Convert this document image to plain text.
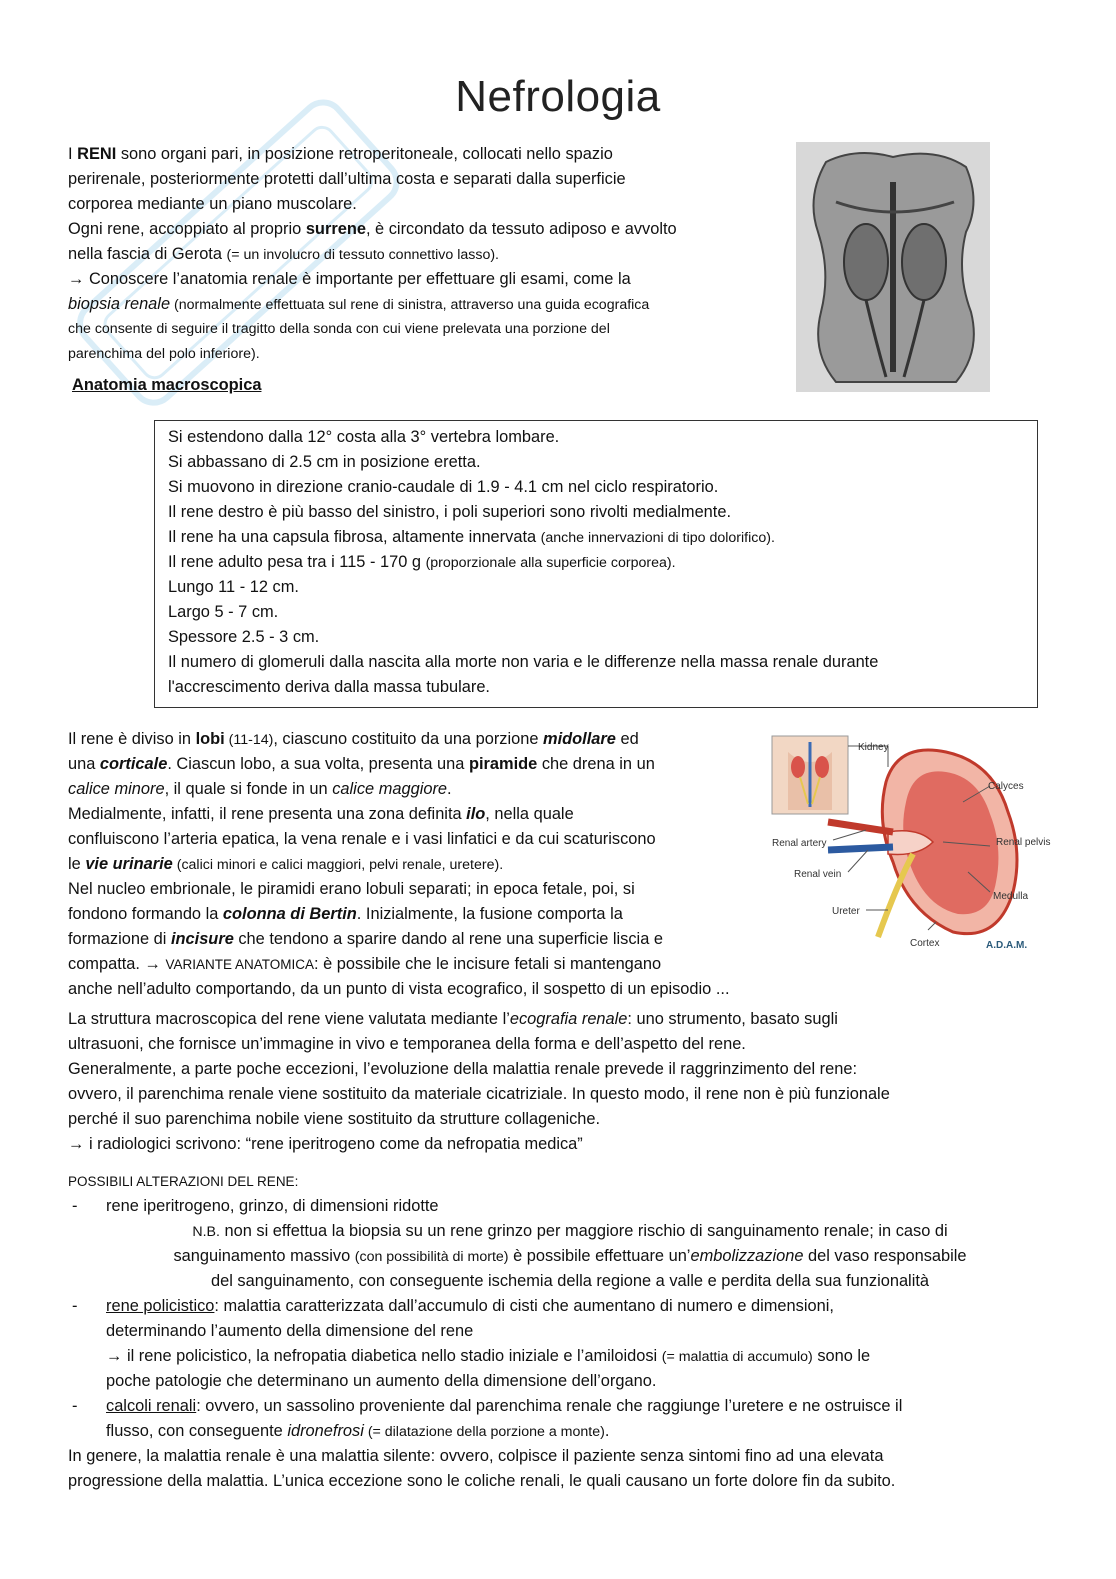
Nefrologia
I RENI sono organi pari, in posizione retroperitoneale, collocati nello spazio
perirenale, posteriormente protetti dall’ultima costa e separati dalla superficie
corporea mediante un piano muscolare.
Ogni rene, accoppiato al proprio surrene, è circondato da tessuto adiposo e avvolto
nella fascia di Gerota (= un involucro di tessuto connettivo lasso).
→ Conoscere l’anatomia renale è importante per effettuare gli esami, come la
biopsia renale (normalmente effettuata sul rene di sinistra, attraverso una guida ecografica
che consente di seguire il tragitto della sonda con cui viene prelevata una porzione del
parenchima del polo inferiore).
Anatomia macroscopica
Si estendono dalla 12° costa alla 3° vertebra lombare.
Si abbassano di 2.5 cm in posizione eretta.
Si muovono in direzione cranio-caudale di 1.9 - 4.1 cm nel ciclo respiratorio.
Il rene destro è più basso del sinistro, i poli superiori sono rivolti medialmente.
Il rene ha una capsula fibrosa, altamente innervata (anche innervazioni di tipo dolorifico).
Il rene adulto pesa tra i 115 - 170 g (proporzionale alla superficie corporea).
Lungo 11 - 12 cm.
Largo 5 - 7 cm.
Spessore 2.5 - 3 cm.
Il numero di glomeruli dalla nascita alla morte non varia e le differenze nella massa renale durante
l'accrescimento deriva dalla massa tubulare.
Il rene è diviso in lobi (11-14), ciascuno costituito da una porzione midollare ed
una corticale. Ciascun lobo, a sua volta, presenta una piramide che drena in un
calice minore, il quale si fonde in un calice maggiore.
Medialmente, infatti, il rene presenta una zona definita ilo, nella quale
confluiscono l’arteria epatica, la vena renale e i vasi linfatici e da cui scaturiscono
le vie urinarie (calici minori e calici maggiori, pelvi renale, uretere).
Nel nucleo embrionale, le piramidi erano lobuli separati; in epoca fetale, poi, si
fondono formando la colonna di Bertin. Inizialmente, la fusione comporta la
formazione di incisure che tendono a sparire dando al rene una superficie liscia e
compatta. → VARIANTE ANATOMICA: è possibile che le incisure fetali si mantengano
anche nell’adulto comportando, da un punto di vista ecografico, il sospetto di un episodio ...
Kidney
Calyces
Renal artery	Renal pelvis
Renal vein
Medulla
Ureter
Cortex	A.D.A.M.
La struttura macroscopica del rene viene valutata mediante l’ecografia renale: uno strumento, basato sugli
ultrasuoni, che fornisce un’immagine in vivo e temporanea della forma e dell’aspetto del rene.
Generalmente, a parte poche eccezioni, l’evoluzione della malattia renale prevede il raggrinzimento del rene:
ovvero, il parenchima renale viene sostituito da materiale cicatriziale. In questo modo, il rene non è più funzionale
perché il suo parenchima nobile viene sostituito da strutture collageniche.
→ i radiologici scrivono: “rene iperitrogeno come da nefropatia medica”
POSSIBILI ALTERAZIONI DEL RENE:
- rene iperitrogeno, grinzo, di dimensioni ridotte
N.B. non si effettua la biopsia su un rene grinzo per maggiore rischio di sanguinamento renale; in caso di
sanguinamento massivo (con possibilità di morte) è possibile effettuare un’embolizzazione del vaso responsabile
del sanguinamento, con conseguente ischemia della regione a valle e perdita della sua funzionalità
- rene policistico: malattia caratterizzata dall’accumulo di cisti che aumentano di numero e dimensioni,
determinando l’aumento della dimensione del rene
→ il rene policistico, la nefropatia diabetica nello stadio iniziale e l’amiloidosi (= malattia di accumulo) sono le
poche patologie che determinano un aumento della dimensione dell’organo.
- calcoli renali: ovvero, un sassolino proveniente dal parenchima renale che raggiunge l’uretere e ne ostruisce il
flusso, con conseguente idronefrosi (= dilatazione della porzione a monte).
In genere, la malattia renale è una malattia silente: ovvero, colpisce il paziente senza sintomi fino ad una elevata
progressione della malattia. L’unica eccezione sono le coliche renali, le quali causano un forte dolore fin da subito.
